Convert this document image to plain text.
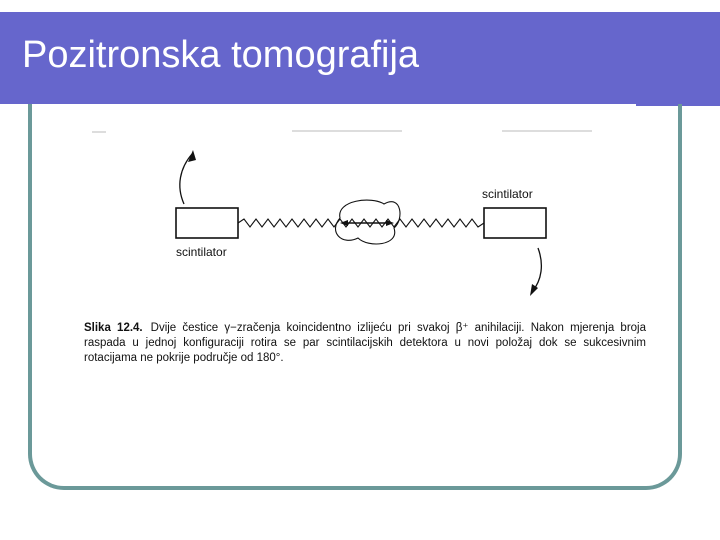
Pozitronska tomografija
scintilator
scintilator
Slika 12.4. Dvije čestice γ−zračenja koincidentno izlijeću pri svakoj β⁺ anihilaciji. Nakon mjerenja broja raspada u jednoj konfiguraciji rotira se par scintilacijskih detektora u novi položaj dok se sukcesivnim rotacijama ne pokrije područje od 180°.
